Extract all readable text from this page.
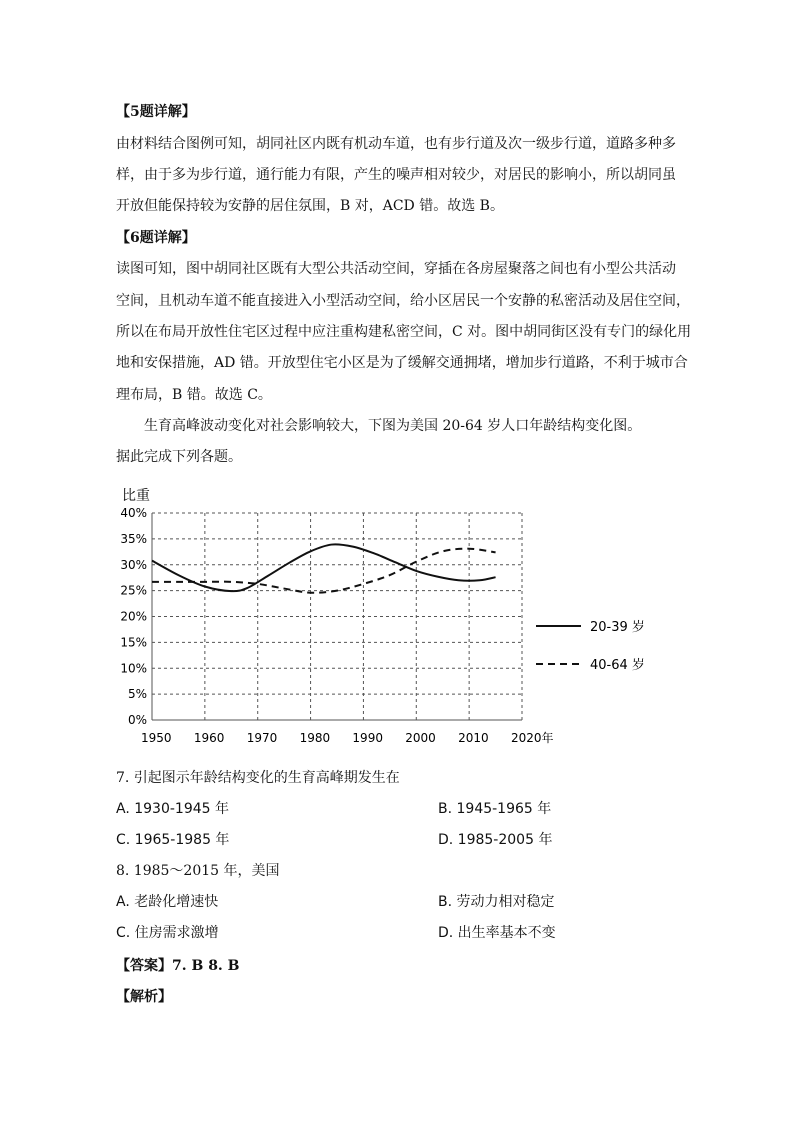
【5题详解】
由材料结合图例可知，胡同社区内既有机动车道，也有步行道及次一级步行道，道路多种多
样，由于多为步行道，通行能力有限，产生的噪声相对较少，对居民的影响小，所以胡同虽
开放但能保持较为安静的居住氛围，B 对，ACD 错。故选 B。
【6题详解】
读图可知，图中胡同社区既有大型公共活动空间，穿插在各房屋聚落之间也有小型公共活动
空间，且机动车道不能直接进入小型活动空间，给小区居民一个安静的私密活动及居住空间，
所以在布局开放性住宅区过程中应注重构建私密空间，C 对。图中胡同街区没有专门的绿化用
地和安保措施，AD 错。开放型住宅小区是为了缓解交通拥堵，增加步行道路，不利于城市合
理布局，B 错。故选 C。
生育高峰波动变化对社会影响较大，下图为美国 20-64 岁人口年龄结构变化图。
据此完成下列各题。
比重
40%
35%
30%
25%
20%
15%
10%
5%
0%
1950 1960 1970 1980 1990 2000 2010 2020年
20-39 岁
40-64 岁
7. 引起图示年龄结构变化的生育高峰期发生在
A. 1930-1945 年	B. 1945-1965 年
C. 1965-1985 年	D. 1985-2005 年
8. 1985～2015 年，美国
A. 老龄化增速快	B. 劳动力相对稳定
C. 住房需求激增	D. 出生率基本不变
【答案】7. B 8. B
【解析】
